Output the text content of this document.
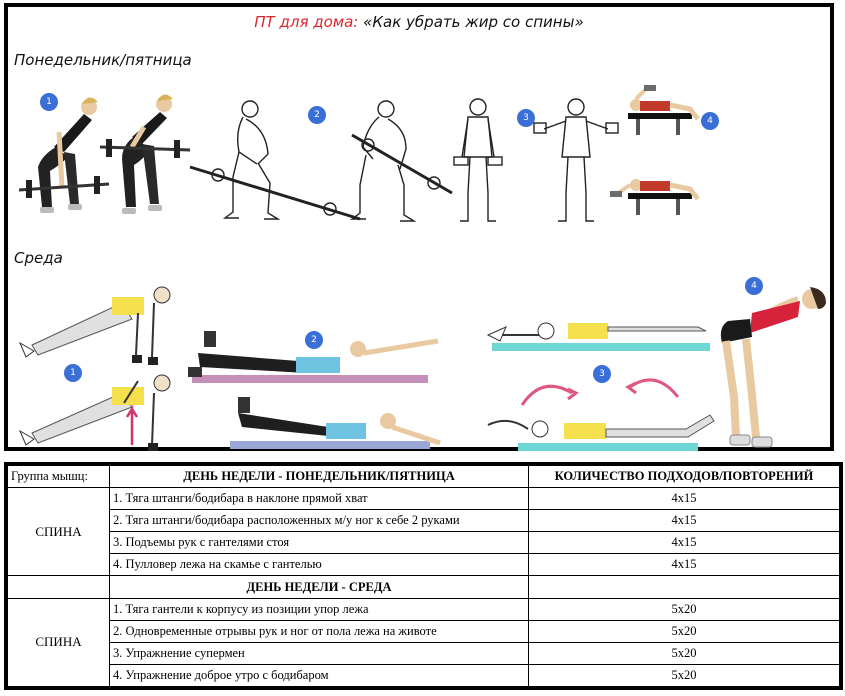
ПТ для дома: «Как убрать жир со спины»
Понедельник/пятница
Среда
1
2	3	4
1
2
3
4
Группа мышц:	ДЕНЬ НЕДЕЛИ - ПОНЕДЕЛЬНИК/ПЯТНИЦА	КОЛИЧЕСТВО ПОДХОДОВ/ПОВТОРЕНИЙ
СПИНА	1. Тяга штанги/бодибара в наклоне прямой хват	4x15
	2. Тяга штанги/бодибара расположенных м/у ног к себе 2 руками	4x15
	3. Подъемы рук с гантелями стоя	4x15
	4. Пулловер лежа на скамье с гантелью	4x15
	ДЕНЬ НЕДЕЛИ - СРЕДА	
СПИНА	1. Тяга гантели к корпусу из позиции упор лежа	5x20
	2. Одновременные отрывы рук и ног от пола лежа на животе	5x20
	3. Упражнение супермен	5x20
	4. Упражнение доброе утро с бодибаром	5x20
